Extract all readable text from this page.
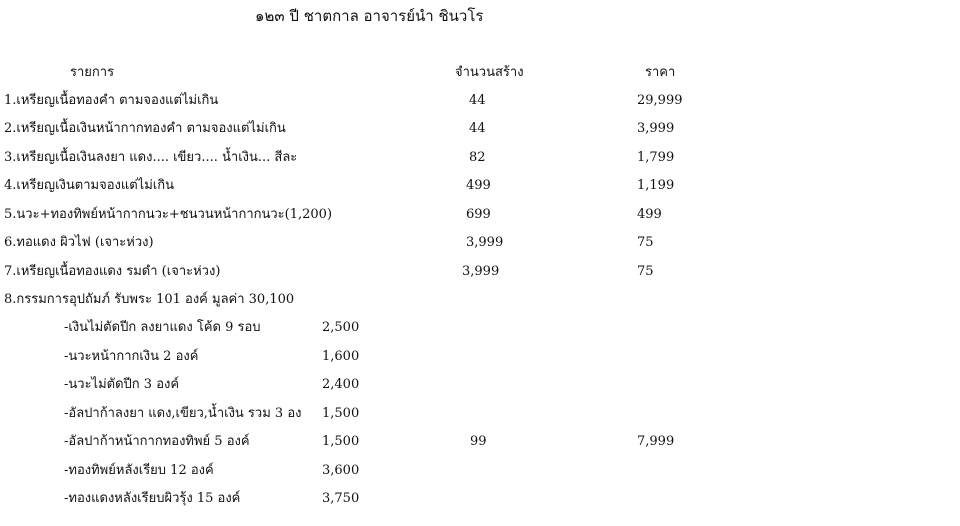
๑๒๓ ปี ชาตกาล อาจารย์นำ ชินวโร
รายการ	จำนวนสร้าง	ราคา
1.เหรียญเนื้อทองคำ ตามจองแต่ไม่เกิน	44	29,999
2.เหรียญเนื้อเงินหน้ากากทองคำ ตามจองแต่ไม่เกิน	44	3,999
3.เหรียญเนื้อเงินลงยา แดง.... เขียว.... น้ำเงิน... สีละ	82	1,799
4.เหรียญเงินตามจองแต่ไม่เกิน	499	1,199
5.นวะ+ทองทิพย์หน้ากากนวะ+ชนวนหน้ากากนวะ(1,200)	699	499
6.ทอแดง ผิวไฟ (เจาะห่วง)	3,999	75
7.เหรียญเนื้อทองแดง รมดำ (เจาะห่วง)	3,999	75
8.กรรมการอุปถัมภ์ รับพระ 101 องค์ มูลค่า 30,100
-เงินไม่ตัดปีก ลงยาแดง โค้ด 9 รอบ	2,500
-นวะหน้ากากเงิน 2 องค์	1,600
-นวะไม่ตัดปีก 3 องค์	2,400
-อัลปาก้าลงยา แดง,เขียว,น้ำเงิน รวม 3 อง 1,500
-อัลปาก้าหน้ากากทองทิพย์ 5 องค์	1,500	99	7,999
-ทองทิพย์หลังเรียบ 12 องค์	3,600
-ทองแดงหลังเรียบผิวรุ้ง 15 องค์	3,750
